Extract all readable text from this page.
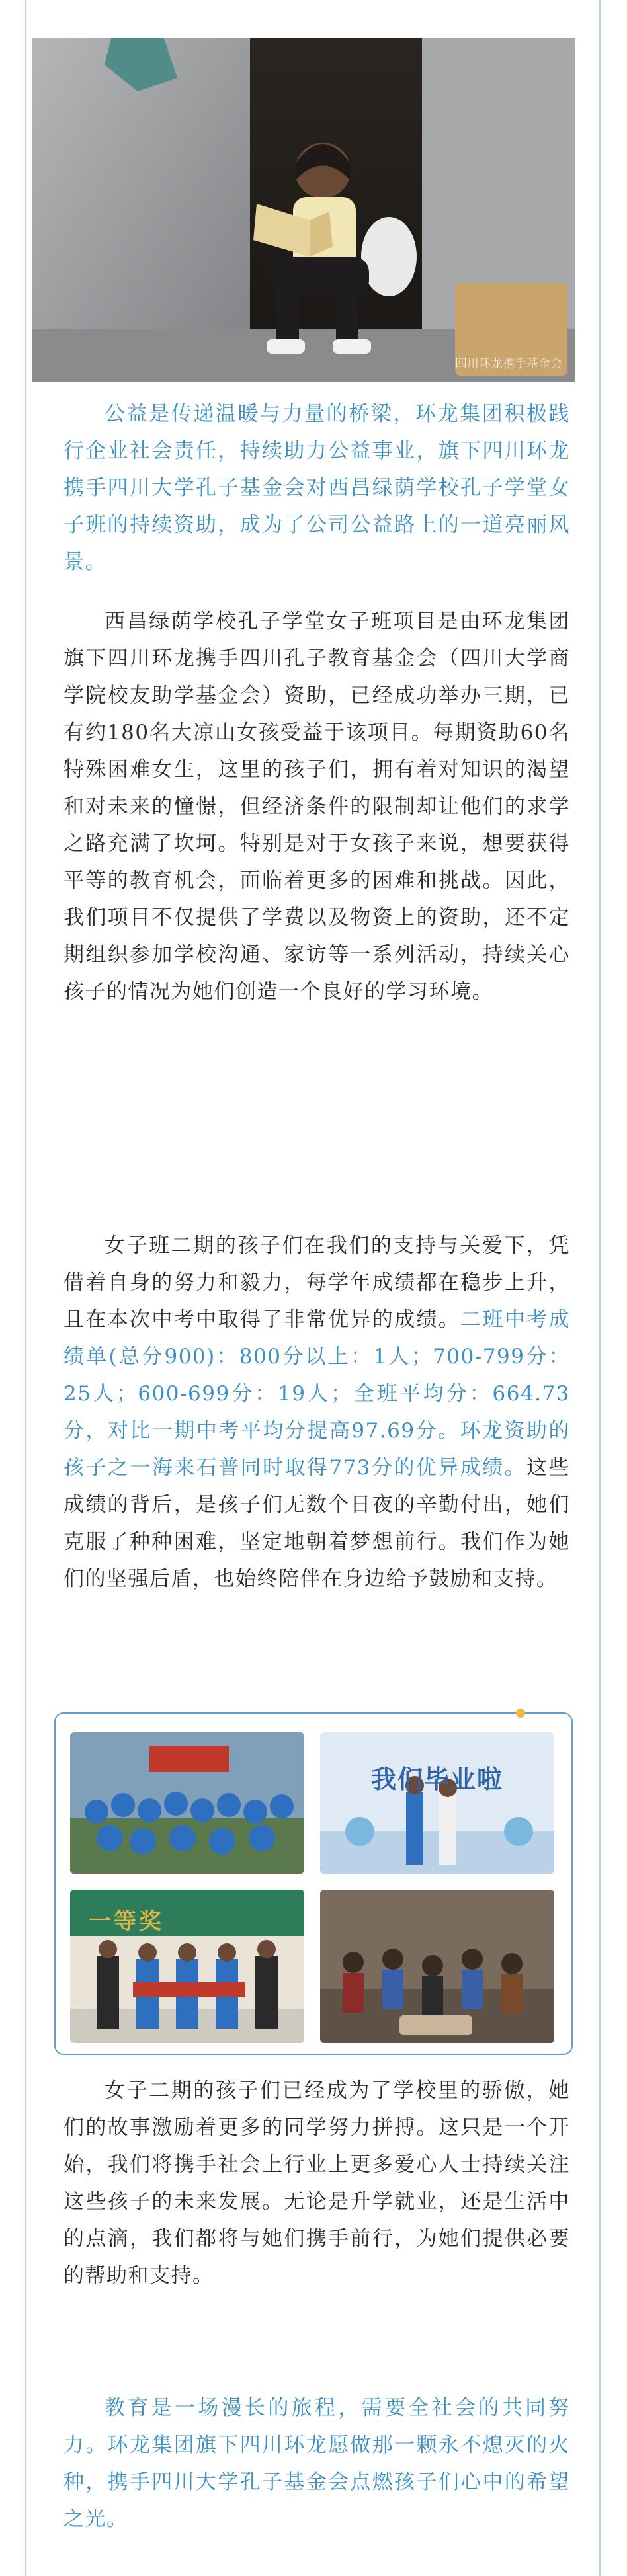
四川环龙携手基金会

公益是传递温暖与力量的桥梁，环龙集团积极践行企业社会责任，持续助力公益事业，旗下四川环龙携手四川大学孔子基金会对西昌绿荫学校孔子学堂女子班的持续资助，成为了公司公益路上的一道亮丽风景。

西昌绿荫学校孔子学堂女子班项目是由环龙集团旗下四川环龙携手四川孔子教育基金会（四川大学商学院校友助学基金会）资助，已经成功举办三期，已有约180名大凉山女孩受益于该项目。每期资助60名特殊困难女生，这里的孩子们，拥有着对知识的渴望和对未来的憧憬，但经济条件的限制却让他们的求学之路充满了坎坷。特别是对于女孩子来说，想要获得平等的教育机会，面临着更多的困难和挑战。因此，我们项目不仅提供了学费以及物资上的资助，还不定期组织参加学校沟通、家访等一系列活动，持续关心孩子的情况为她们创造一个良好的学习环境。

女子班二期的孩子们在我们的支持与关爱下，凭借着自身的努力和毅力，每学年成绩都在稳步上升，且在本次中考中取得了非常优异的成绩。二班中考成绩单(总分900)：800分以上：1人；700-799分：25人；600-699分：19人；全班平均分：664.73分，对比一期中考平均分提高97.69分。环龙资助的孩子之一海来石普同时取得773分的优异成绩。这些成绩的背后，是孩子们无数个日夜的辛勤付出，她们克服了种种困难，坚定地朝着梦想前行。我们作为她们的坚强后盾，也始终陪伴在身边给予鼓励和支持。

我们毕业啦
一等奖

女子二期的孩子们已经成为了学校里的骄傲，她们的故事激励着更多的同学努力拼搏。这只是一个开始，我们将携手社会上行业上更多爱心人士持续关注这些孩子的未来发展。无论是升学就业，还是生活中的点滴，我们都将与她们携手前行，为她们提供必要的帮助和支持。

教育是一场漫长的旅程，需要全社会的共同努力。环龙集团旗下四川环龙愿做那一颗永不熄灭的火种，携手四川大学孔子基金会点燃孩子们心中的希望之光。
